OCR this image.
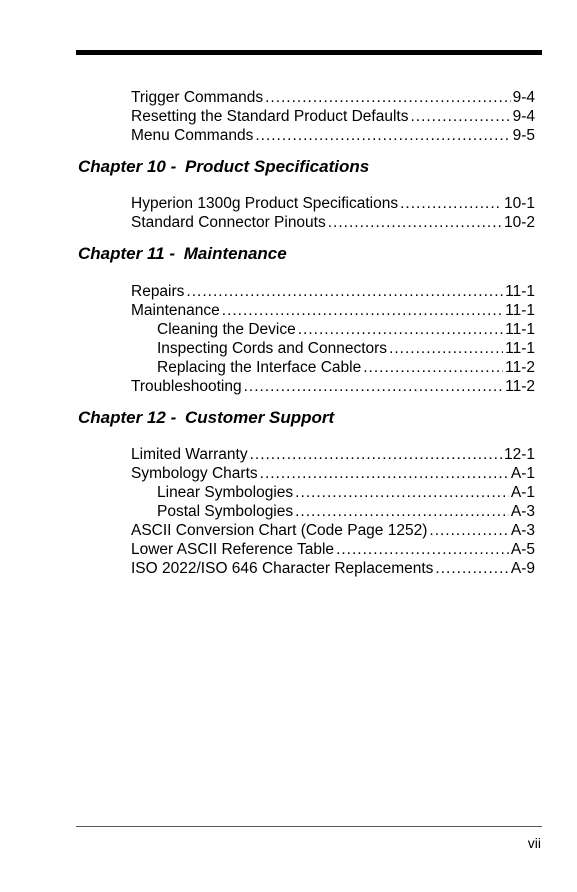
Trigger Commands .....	9-4
Resetting the Standard Product Defaults .....	9-4
Menu Commands .....	9-5
Chapter 10 - Product Specifications
Hyperion 1300g Product Specifications .....	10-1
Standard Connector Pinouts .....	10-2
Chapter 11 - Maintenance
Repairs .....	11-1
Maintenance .....	11-1
Cleaning the Device .....	11-1
Inspecting Cords and Connectors .....	11-1
Replacing the Interface Cable .....	11-2
Troubleshooting .....	11-2
Chapter 12 - Customer Support
Limited Warranty .....	12-1
Symbology Charts .....	A-1
Linear Symbologies .....	A-1
Postal Symbologies .....	A-3
ASCII Conversion Chart (Code Page 1252) .....	A-3
Lower ASCII Reference Table .....	A-5
ISO 2022/ISO 646 Character Replacements .....	A-9
vii
